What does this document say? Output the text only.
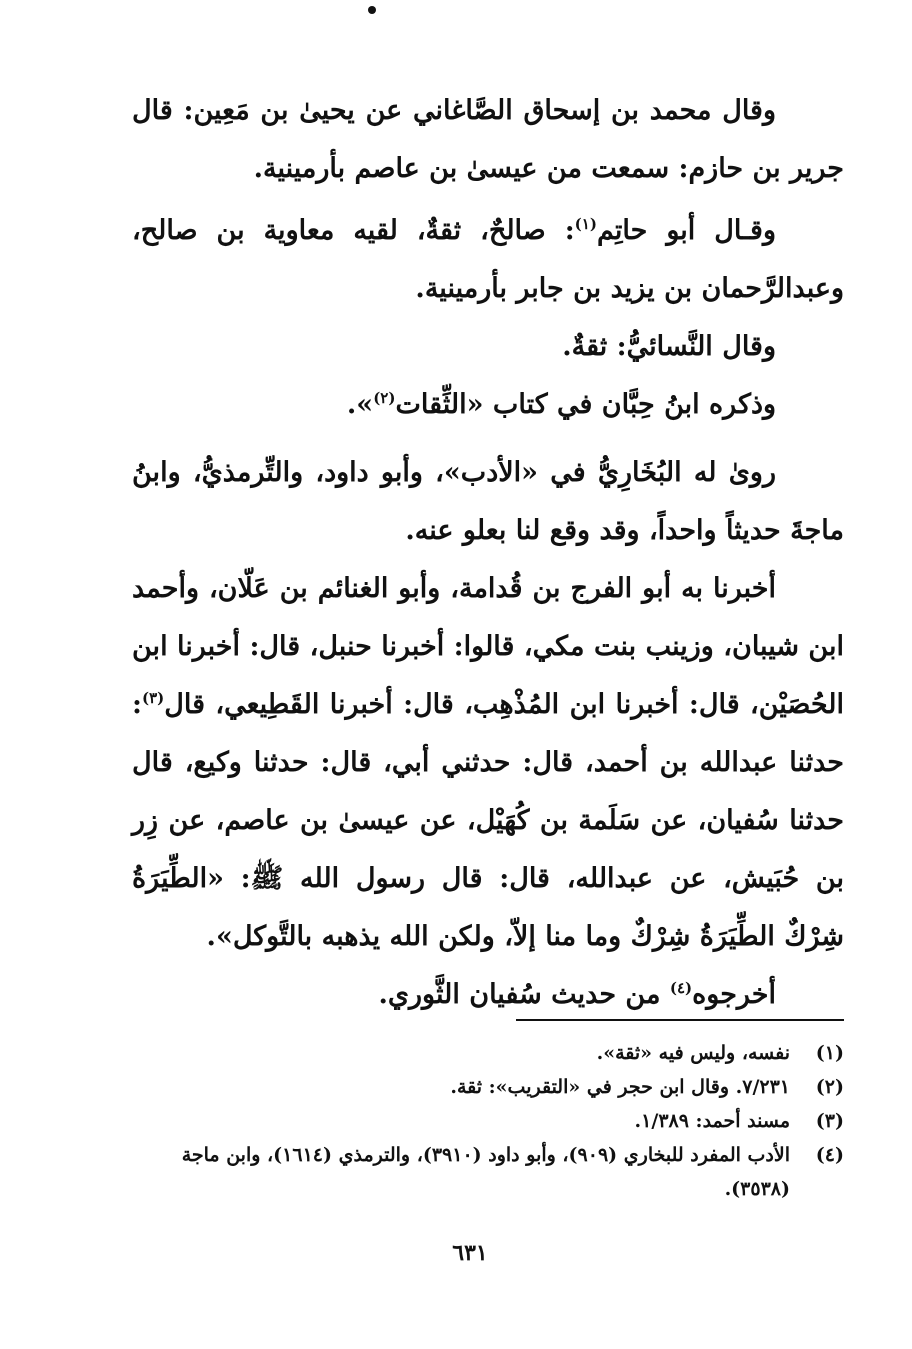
وقال محمد بن إسحاق الصَّاغاني عن يحيىٰ بن مَعِين: قال جرير بن حازم: سمعت من عيسىٰ بن عاصم بأرمينية.

وقـال أبو حاتِم$^{(١)}$: صالحٌ، ثقةٌ، لقيه معاوية بن صالح، وعبدالرَّحمان بن يزيد بن جابر بأرمينية.

وقال النَّسائيُّ: ثقةٌ.

وذكره ابنُ حِبَّان في كتاب «الثِّقات$^{(٢)}$».

روىٰ له البُخَارِيُّ في «الأدب»، وأبو داود، والتِّرمذيُّ، وابنُ ماجةَ حديثاً واحداً، وقد وقع لنا بعلو عنه.

أخبرنا به أبو الفرج بن قُدامة، وأبو الغنائم بن عَلّان، وأحمد ابن شيبان، وزينب بنت مكي، قالوا: أخبرنا حنبل، قال: أخبرنا ابن الحُصَيْن، قال: أخبرنا ابن المُذْهِب، قال: أخبرنا القَطِيعي، قال$^{(٣)}$: حدثنا عبدالله بن أحمد، قال: حدثني أبي، قال: حدثنا وكيع، قال حدثنا سُفيان، عن سَلَمة بن كُهَيْل، عن عيسىٰ بن عاصم، عن زِر بن حُبَيش، عن عبدالله، قال: قال رسول الله ﷺ: «الطِّيَرَةُ شِرْكٌ الطِّيَرَةُ شِرْكٌ وما منا إلاّ، ولكن الله يذهبه بالتَّوكل».

أخرجوه$^{(٤)}$ من حديث سُفيان الثَّوري.

(١)
نفسه، وليس فيه «ثقة».
(٢)
٧/٢٣١. وقال ابن حجر في «التقريب»: ثقة.
(٣)
مسند أحمد: ١/٣٨٩.
(٤)
الأدب المفرد للبخاري (٩٠٩)، وأبو داود (٣٩١٠)، والترمذي (١٦١٤)، وابن ماجة (٣٥٣٨).
٦٣١
